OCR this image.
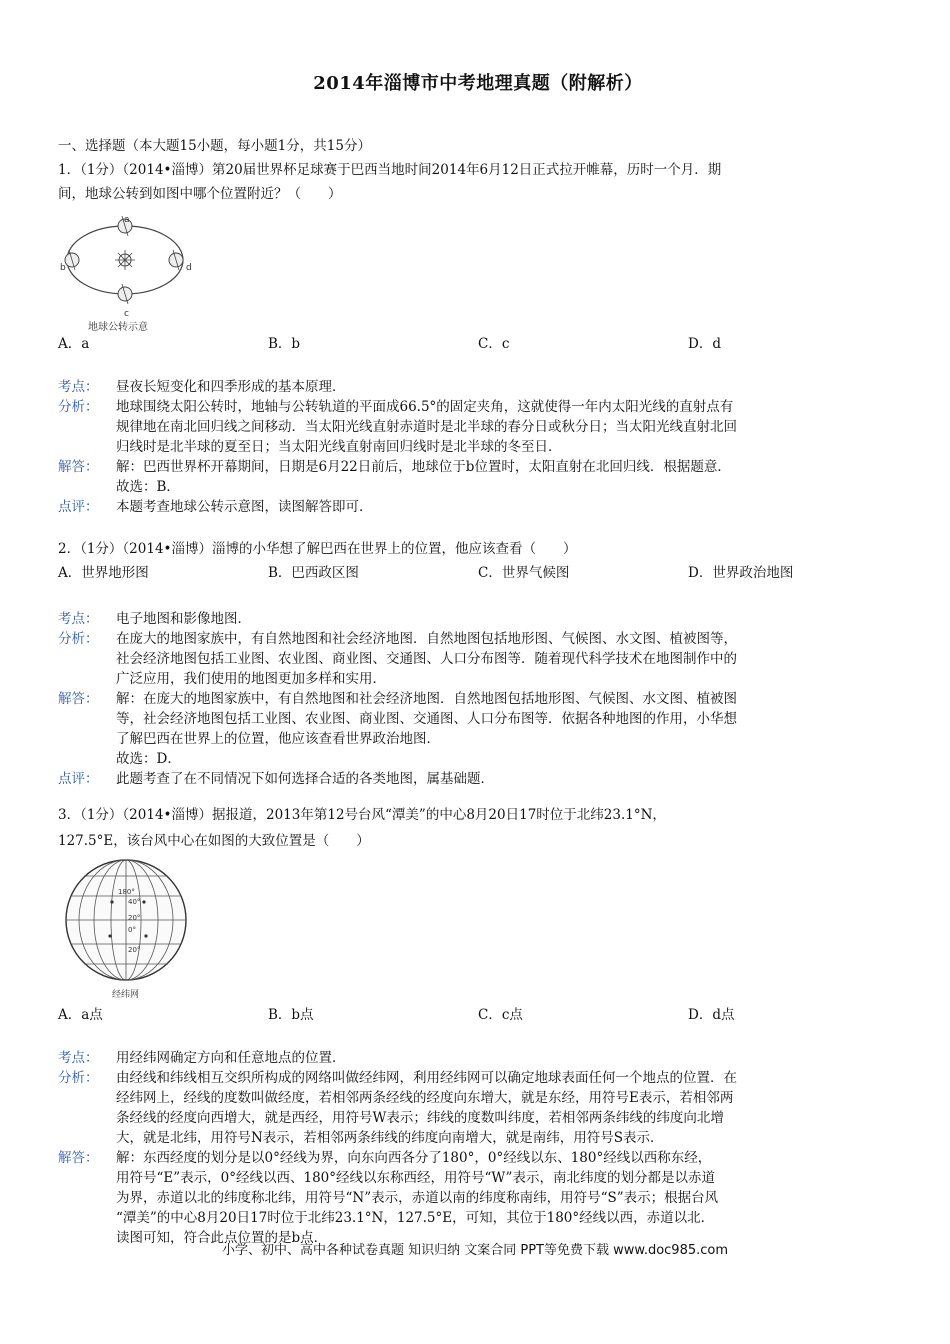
2014年淄博市中考地理真题（附解析）
一、选择题（本大题15小题，每小题1分，共15分）
1．（1分）（2014•淄博）第20届世界杯足球赛于巴西当地时间2014年6月12日正式拉开帷幕，历时一个月．期
间，地球公转到如图中哪个位置附近？（　　）
a
b
c
d
地球公转示意
A．a	B．b	C．c	D．d
考点：	昼夜长短变化和四季形成的基本原理．
分析：	地球围绕太阳公转时，地轴与公转轨道的平面成66.5°的固定夹角，这就使得一年内太阳光线的直射点有
规律地在南北回归线之间移动．当太阳光线直射赤道时是北半球的春分日或秋分日；当太阳光线直射北回
归线时是北半球的夏至日；当太阳光线直射南回归线时是北半球的冬至日．
解答：	解：巴西世界杯开幕期间，日期是6月22日前后，地球位于b位置时，太阳直射在北回归线．根据题意．
故选：B．
点评：	本题考查地球公转示意图，读图解答即可．
2．（1分）（2014•淄博）淄博的小华想了解巴西在世界上的位置，他应该查看（　　）
A．世界地形图	B．巴西政区图	C．世界气候图	D．世界政治地图
考点：	电子地图和影像地图．
分析：	在庞大的地图家族中，有自然地图和社会经济地图．自然地图包括地形图、气候图、水文图、植被图等，
社会经济地图包括工业图、农业图、商业图、交通图、人口分布图等．随着现代科学技术在地图制作中的
广泛应用，我们使用的地图更加多样和实用．
解答：	解：在庞大的地图家族中，有自然地图和社会经济地图．自然地图包括地形图、气候图、水文图、植被图
等，社会经济地图包括工业图、农业图、商业图、交通图、人口分布图等．依据各种地图的作用，小华想
了解巴西在世界上的位置，他应该查看世界政治地图．
故选：D．
点评：	此题考查了在不同情况下如何选择合适的各类地图，属基础题．
3．（1分）（2014•淄博）据报道，2013年第12号台风“潭美”的中心8月20日17时位于北纬23.1°N，
127.5°E，该台风中心在如图的大致位置是（　　）
180°
40°
20°
0°
20°
经纬网
A．a点	B．b点	C．c点	D．d点
考点：	用经纬网确定方向和任意地点的位置．
分析：	由经线和纬线相互交织所构成的网络叫做经纬网，利用经纬网可以确定地球表面任何一个地点的位置．在
经纬网上，经线的度数叫做经度，若相邻两条经线的经度向东增大，就是东经，用符号E表示，若相邻两
条经线的经度向西增大，就是西经，用符号W表示；纬线的度数叫纬度，若相邻两条纬线的纬度向北增
大，就是北纬，用符号N表示，若相邻两条纬线的纬度向南增大，就是南纬，用符号S表示．
解答：	解：东西经度的划分是以0°经线为界，向东向西各分了180°，0°经线以东、180°经线以西称东经，
用符号“E”表示，0°经线以西、180°经线以东称西经，用符号“W”表示，南北纬度的划分都是以赤道
为界，赤道以北的纬度称北纬，用符号“N”表示，赤道以南的纬度称南纬，用符号“S”表示；根据台风
“潭美”的中心8月20日17时位于北纬23.1°N，127.5°E，可知，其位于180°经线以西，赤道以北．
读图可知，符合此点位置的是b点．
小学、初中、高中各种试卷真题 知识归纳 文案合同 PPT等免费下载 www.doc985.com
